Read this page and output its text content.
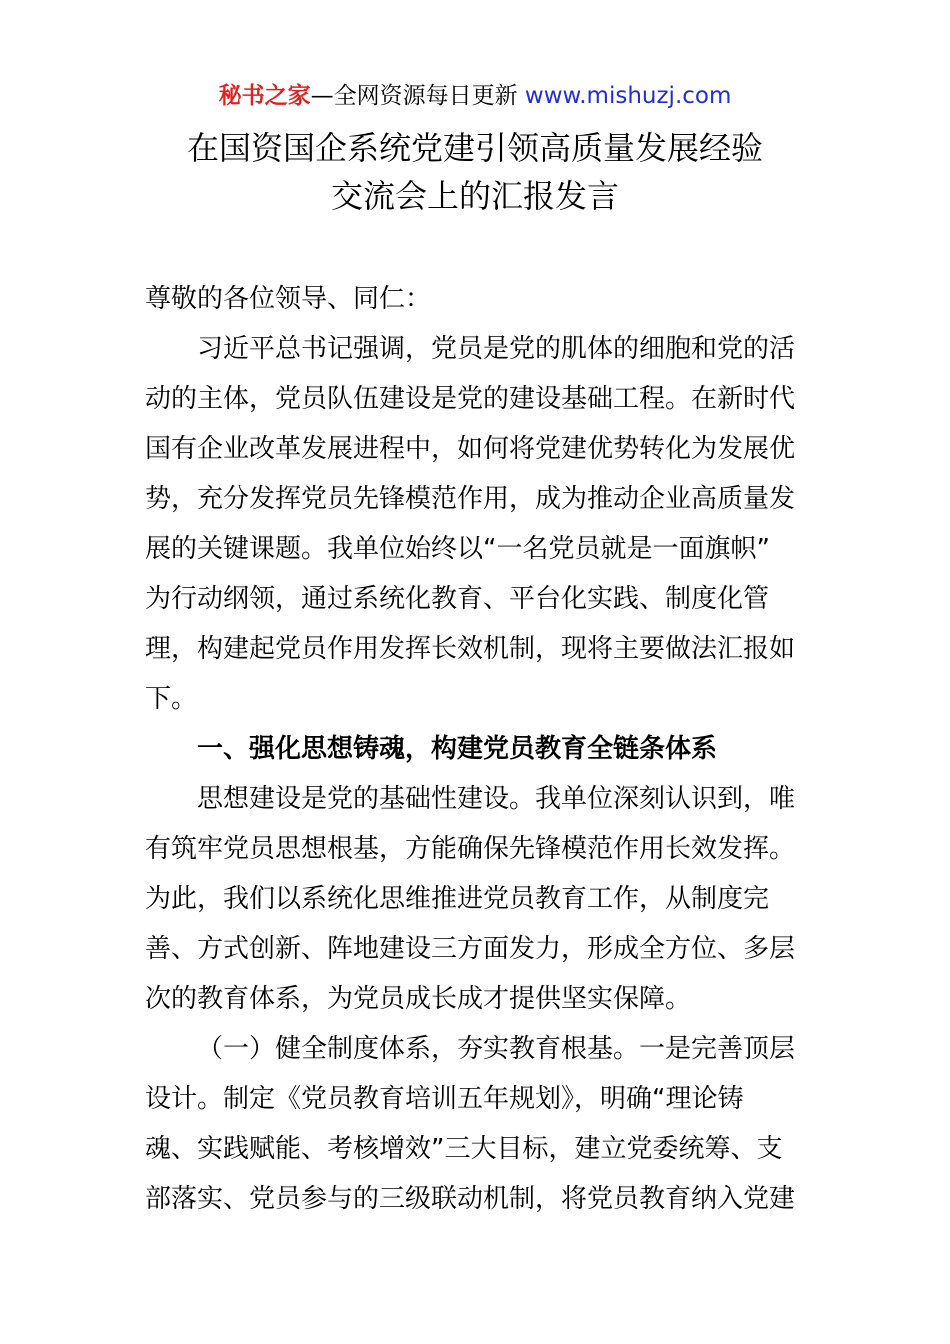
秘书之家—全网资源每日更新 www.mishuzj.com
在国资国企系统党建引领高质量发展经验
交流会上的汇报发言
尊敬的各位领导、同仁：
习近平总书记强调，党员是党的肌体的细胞和党的活
动的主体，党员队伍建设是党的建设基础工程。在新时代
国有企业改革发展进程中，如何将党建优势转化为发展优
势，充分发挥党员先锋模范作用，成为推动企业高质量发
展的关键课题。我单位始终以“一名党员就是一面旗帜”
为行动纲领，通过系统化教育、平台化实践、制度化管
理，构建起党员作用发挥长效机制，现将主要做法汇报如
下。
一、强化思想铸魂，构建党员教育全链条体系
思想建设是党的基础性建设。我单位深刻认识到，唯
有筑牢党员思想根基，方能确保先锋模范作用长效发挥。
为此，我们以系统化思维推进党员教育工作，从制度完
善、方式创新、阵地建设三方面发力，形成全方位、多层
次的教育体系，为党员成长成才提供坚实保障。
（一）健全制度体系，夯实教育根基。一是完善顶层
设计。制定《党员教育培训五年规划》，明确“理论铸
魂、实践赋能、考核增效”三大目标，建立党委统筹、支
部落实、党员参与的三级联动机制，将党员教育纳入党建
